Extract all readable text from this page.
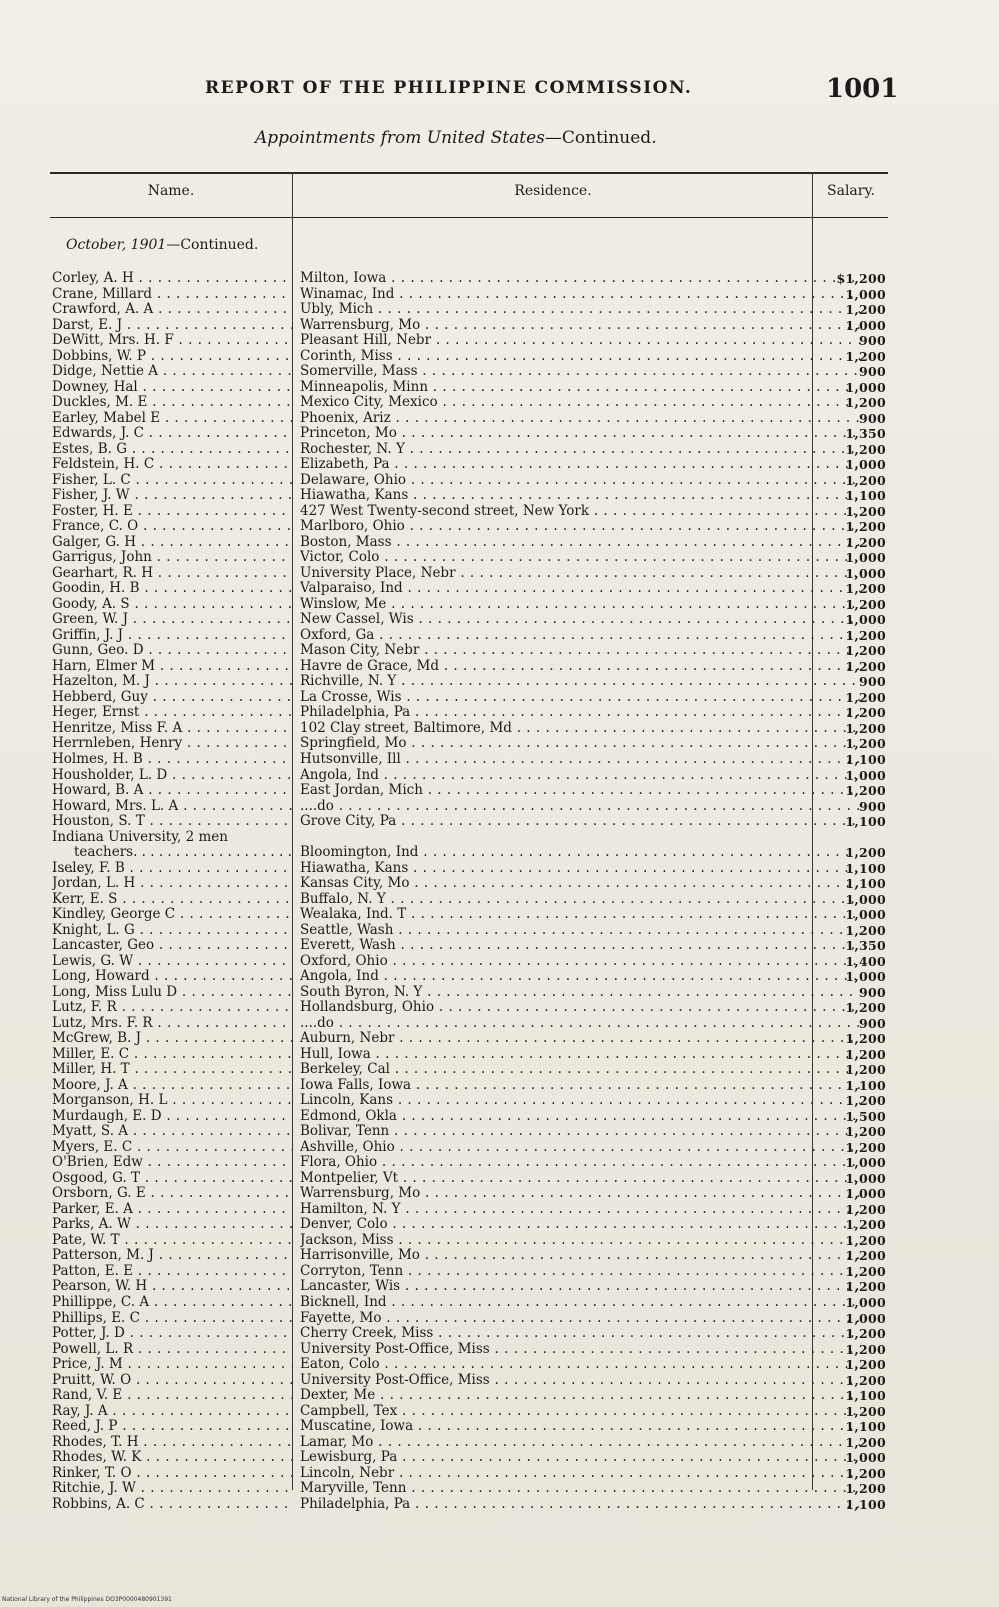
REPORT OF THE PHILIPPINE COMMISSION.	1001
Appointments from United States—Continued.
Name.	Residence.	Salary.
October, 1901—Continued.
Corley, A. H . . .	Milton, Iowa . . .	$1,200
Crane, Millard . . .	Winamac, Ind . . .	1,000
Crawford, A. A . . .	Ubly, Mich . . .	1,200
Darst, E. J . . .	Warrensburg, Mo . . .	1,000
DeWitt, Mrs. H. F . . .	Pleasant Hill, Nebr . . .	900
Dobbins, W. P . . .	Corinth, Miss . . .	1,200
Didge, Nettie A . . .	Somerville, Mass . . .	900
Downey, Hal . . .	Minneapolis, Minn . . .	1,000
Duckles, M. E . . .	Mexico City, Mexico . . .	1,200
Earley, Mabel E . . .	Phoenix, Ariz . . .	900
Edwards, J. C . . .	Princeton, Mo . . .	1,350
Estes, B. G . . .	Rochester, N. Y . . .	1,200
Feldstein, H. C . . .	Elizabeth, Pa . . .	1,000
Fisher, L. C . . .	Delaware, Ohio . . .	1,200
Fisher, J. W . . .	Hiawatha, Kans . . .	1,100
Foster, H. E . . .	427 West Twenty-second street, New York . . .	1,200
France, C. O . . .	Marlboro, Ohio . . .	1,200
Galger, G. H . . .	Boston, Mass . . .	1,200
Garrigus, John . . .	Victor, Colo . . .	1,000
Gearhart, R. H . . .	University Place, Nebr . . .	1,000
Goodin, H. B . . .	Valparaiso, Ind . . .	1,200
Goody, A. S . . .	Winslow, Me . . .	1,200
Green, W. J . . .	New Cassel, Wis . . .	1,000
Griffin, J. J . . .	Oxford, Ga . . .	1,200
Gunn, Geo. D . . .	Mason City, Nebr . . .	1,200
Harn, Elmer M . . .	Havre de Grace, Md . . .	1,200
Hazelton, M. J . . .	Richville, N. Y . . .	900
Hebberd, Guy . . .	La Crosse, Wis . . .	1,200
Heger, Ernst . . .	Philadelphia, Pa . . .	1,200
Henritze, Miss F. A . . .	102 Clay street, Baltimore, Md . . .	1,200
Herrnleben, Henry . . .	Springfield, Mo . . .	1,200
Holmes, H. B . . .	Hutsonville, Ill . . .	1,100
Housholder, L. D . . .	Angola, Ind . . .	1,000
Howard, B. A . . .	East Jordan, Mich . . .	1,200
Howard, Mrs. L. A . . .	....do . . .	900
Houston, S. T . . .	Grove City, Pa . . .	1,100
Indiana University, 2 men
teachers. . . .	Bloomington, Ind . . .	1,200
Iseley, F. B . . .	Hiawatha, Kans . . .	1,100
Jordan, L. H . . .	Kansas City, Mo . . .	1,100
Kerr, E. S . . .	Buffalo, N. Y . . .	1,000
Kindley, George C . . .	Wealaka, Ind. T . . .	1,000
Knight, L. G . . .	Seattle, Wash . . .	1,200
Lancaster, Geo . . .	Everett, Wash . . .	1,350
Lewis, G. W . . .	Oxford, Ohio . . .	1,400
Long, Howard . . .	Angola, Ind . . .	1,000
Long, Miss Lulu D . . .	South Byron, N. Y . . .	900
Lutz, F. R . . .	Hollandsburg, Ohio . . .	1,200
Lutz, Mrs. F. R . . .	....do . . .	900
McGrew, B. J . . .	Auburn, Nebr . . .	1,200
Miller, E. C . . .	Hull, Iowa . . .	1,200
Miller, H. T . . .	Berkeley, Cal . . .	1,200
Moore, J. A . . .	Iowa Falls, Iowa . . .	1,100
Morganson, H. L . . .	Lincoln, Kans . . .	1,200
Murdaugh, E. D . . .	Edmond, Okla . . .	1,500
Myatt, S. A . . .	Bolivar, Tenn . . .	1,200
Myers, E. C . . .	Ashville, Ohio . . .	1,200
O'Brien, Edw . . .	Flora, Ohio . . .	1,000
Osgood, G. T . . .	Montpelier, Vt . . .	1,000
Orsborn, G. E . . .	Warrensburg, Mo . . .	1,000
Parker, E. A . . .	Hamilton, N. Y . . .	1,200
Parks, A. W . . .	Denver, Colo . . .	1,200
Pate, W. T . . .	Jackson, Miss . . .	1,200
Patterson, M. J . . .	Harrisonville, Mo . . .	1,200
Patton, E. E . . .	Corryton, Tenn . . .	1,200
Pearson, W. H . . .	Lancaster, Wis . . .	1,200
Phillippe, C. A . . .	Bicknell, Ind . . .	1,000
Phillips, E. C . . .	Fayette, Mo . . .	1,000
Potter, J. D . . .	Cherry Creek, Miss . . .	1,200
Powell, L. R . . .	University Post-Office, Miss . . .	1,200
Price, J. M . . .	Eaton, Colo . . .	1,200
Pruitt, W. O . . .	University Post-Office, Miss . . .	1,200
Rand, V. E . . .	Dexter, Me . . .	1,100
Ray, J. A . . .	Campbell, Tex . . .	1,200
Reed, J. P . . .	Muscatine, Iowa . . .	1,100
Rhodes, T. H . . .	Lamar, Mo . . .	1,200
Rhodes, W. K . . .	Lewisburg, Pa . . .	1,000
Rinker, T. O . . .	Lincoln, Nebr . . .	1,200
Ritchie, J. W . . .	Maryville, Tenn . . .	1,200
Robbins, A. C . . .	Philadelphia, Pa . . .	1,100
National Library of the Philippines DO3P0000480901391
